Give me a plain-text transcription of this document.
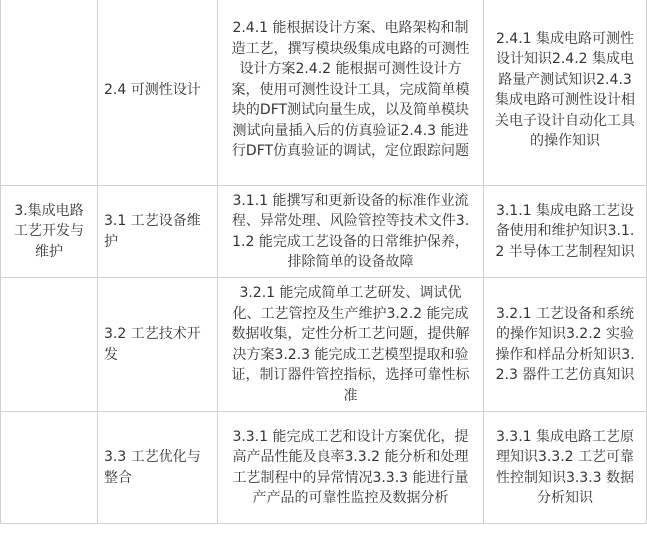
	2.4 可测性设计	2.4.1 能根据设计方案、电路架构和制造工艺，撰写模块级集成电路的可测性设计方案2.4.2 能根据可测性设计方案，使用可测性设计工具，完成简单模块的DFT测试向量生成，以及简单模块测试向量插入后的仿真验证2.4.3 能进行DFT仿真验证的调试，定位跟踪问题	2.4.1 集成电路可测性设计知识2.4.2 集成电路量产测试知识2.4.3 集成电路可测性设计相关电子设计自动化工具的操作知识
3.集成电路工艺开发与维护	3.1 工艺设备维护	3.1.1 能撰写和更新设备的标准作业流程、异常处理、风险管控等技术文件3.1.2 能完成工艺设备的日常维护保养，排除简单的设备故障	3.1.1 集成电路工艺设备使用和维护知识3.1.2 半导体工艺制程知识
	3.2 工艺技术开发	3.2.1 能完成简单工艺研发、调试优化、工艺管控及生产维护3.2.2 能完成数据收集，定性分析工艺问题，提供解决方案3.2.3 能完成工艺模型提取和验证，制订器件管控指标，选择可靠性标准	3.2.1 工艺设备和系统的操作知识3.2.2 实验操作和样品分析知识3.2.3 器件工艺仿真知识
	3.3 工艺优化与整合	3.3.1 能完成工艺和设计方案优化，提高产品性能及良率3.3.2 能分析和处理工艺制程中的异常情况3.3.3 能进行量产产品的可靠性监控及数据分析	3.3.1 集成电路工艺原理知识3.3.2 工艺可靠性控制知识3.3.3 数据分析知识
